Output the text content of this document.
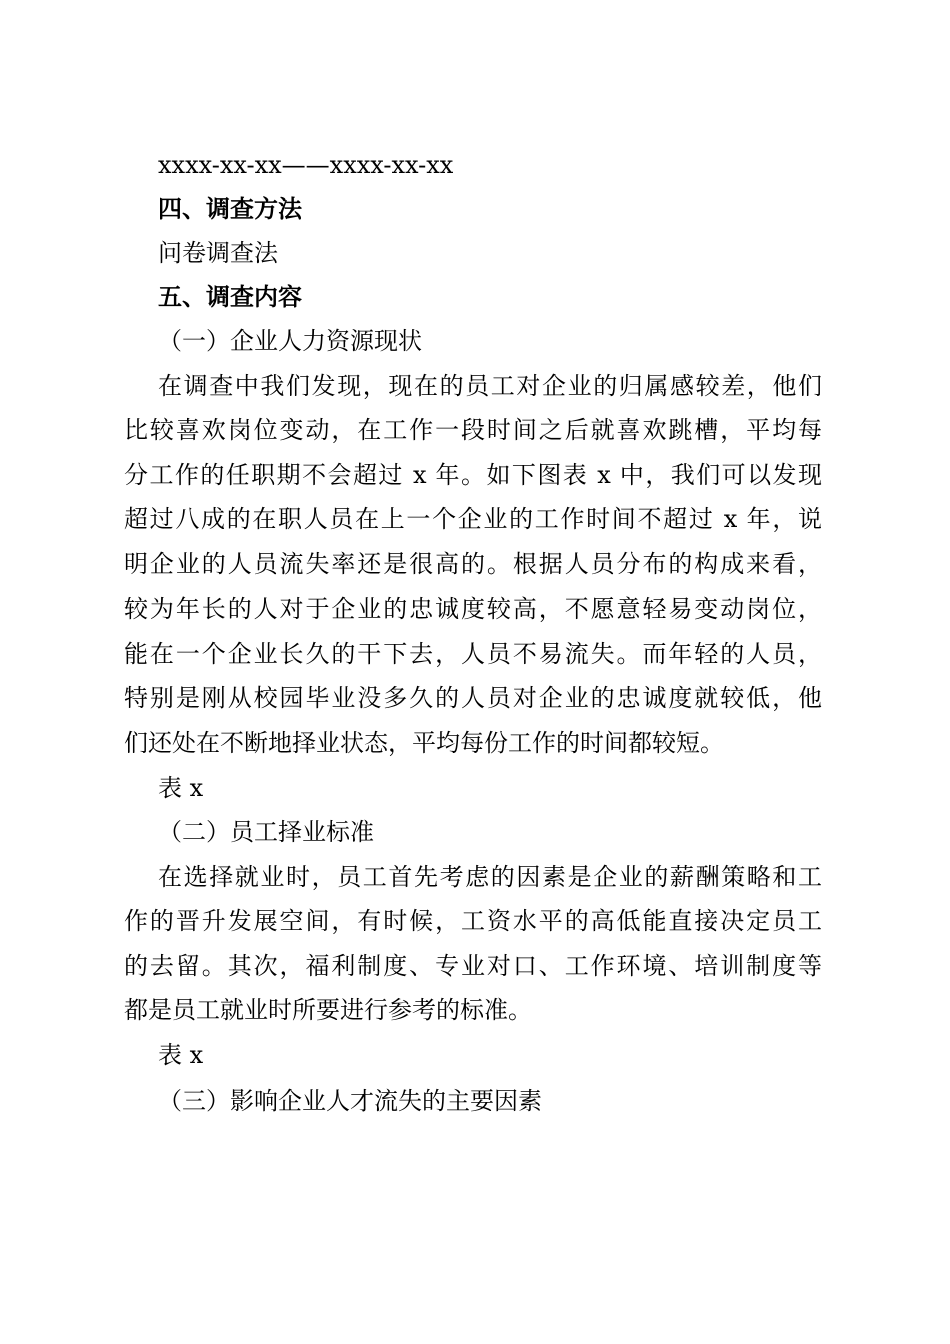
xxxx-xx-xx——xxxx-xx-xx
四、调查方法
问卷调查法
五、调查内容
（一）企业人力资源现状
在调查中我们发现，现在的员工对企业的归属感较差，他们
比较喜欢岗位变动，在工作一段时间之后就喜欢跳槽，平均每
分工作的任职期不会超过 x 年。如下图表 x 中，我们可以发现
超过八成的在职人员在上一个企业的工作时间不超过 x 年，说
明企业的人员流失率还是很高的。根据人员分布的构成来看，
较为年长的人对于企业的忠诚度较高，不愿意轻易变动岗位，
能在一个企业长久的干下去，人员不易流失。而年轻的人员，
特别是刚从校园毕业没多久的人员对企业的忠诚度就较低，他
们还处在不断地择业状态，平均每份工作的时间都较短。
表 x
（二）员工择业标准
在选择就业时，员工首先考虑的因素是企业的薪酬策略和工
作的晋升发展空间，有时候，工资水平的高低能直接决定员工
的去留。其次，福利制度、专业对口、工作环境、培训制度等
都是员工就业时所要进行参考的标准。
表 x
（三）影响企业人才流失的主要因素
